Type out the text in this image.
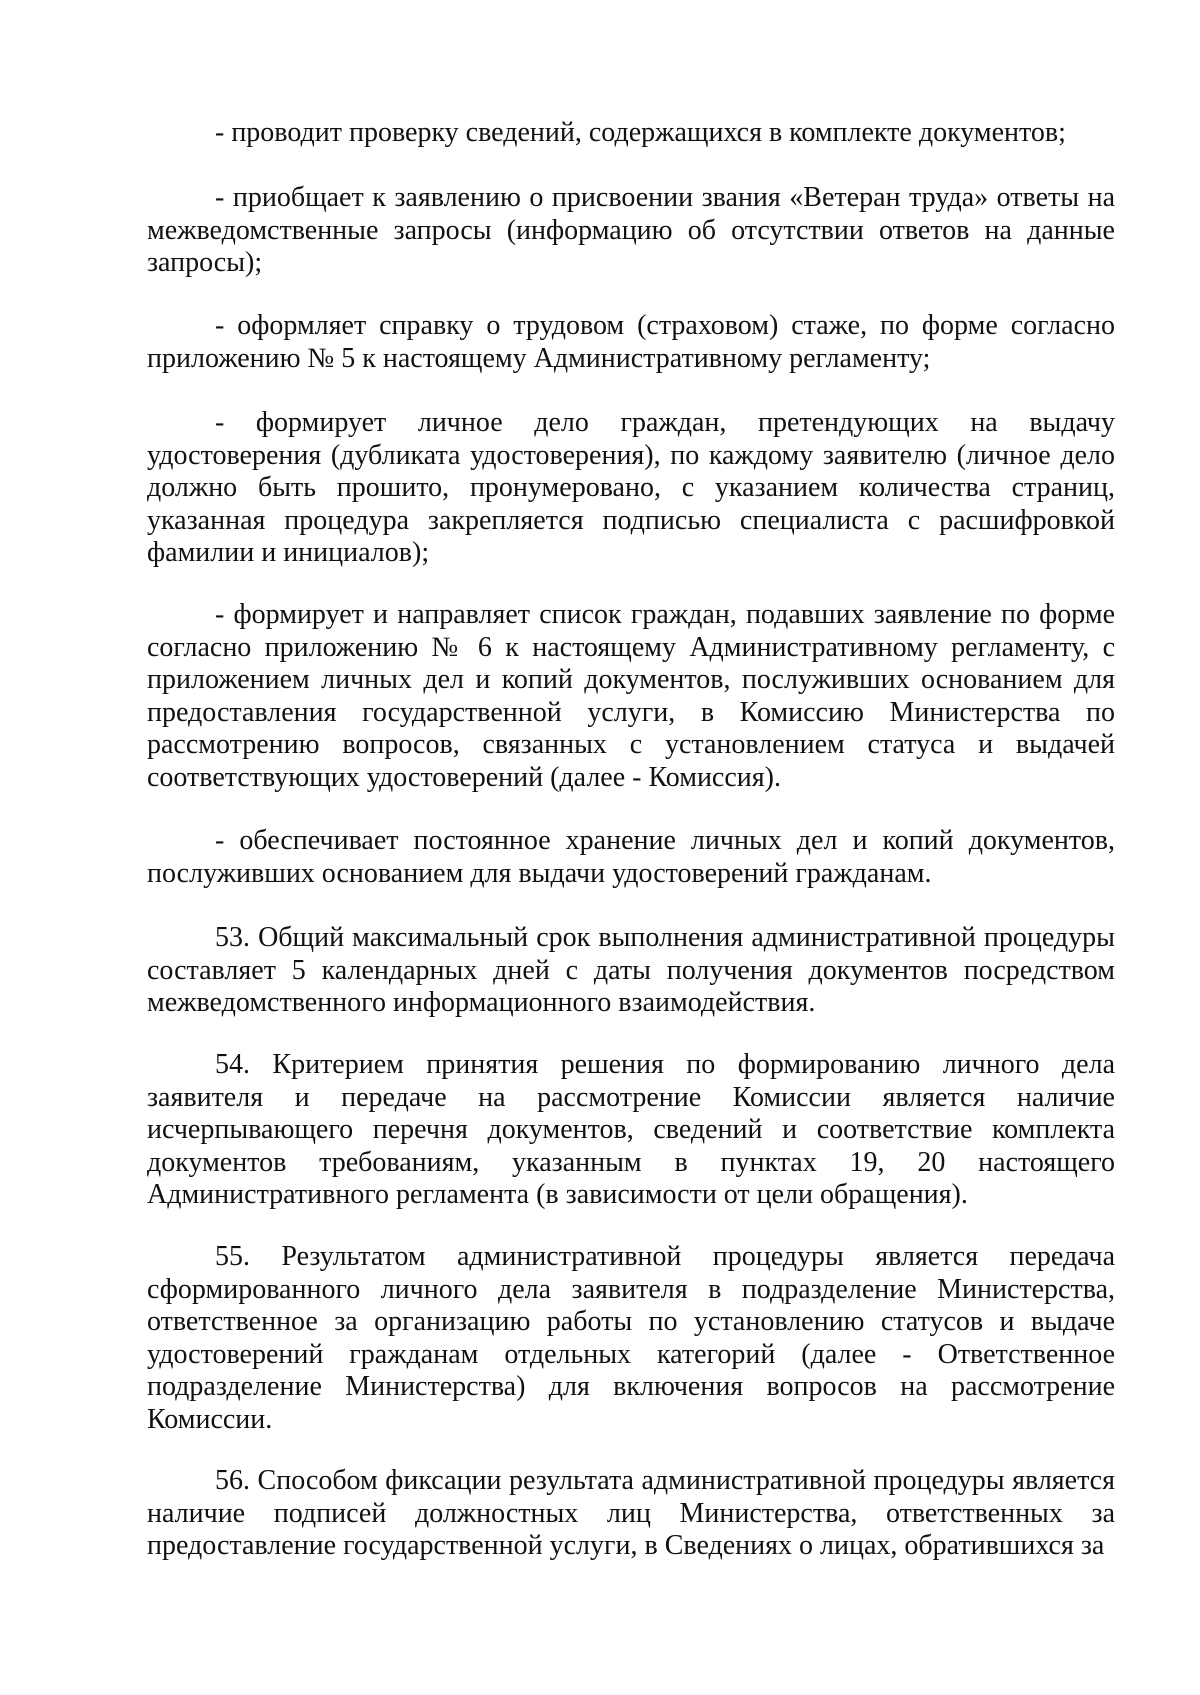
- проводит проверку сведений, содержащихся в комплекте документов;

- приобщает к заявлению о присвоении звания «Ветеран труда» ответы на межведомственные запросы (информацию об отсутствии ответов на данные запросы);

- оформляет справку о трудовом (страховом) стаже, по форме согласно приложению № 5 к настоящему Административному регламенту;

- формирует личное дело граждан, претендующих на выдачу удостоверения (дубликата удостоверения), по каждому заявителю (личное дело должно быть прошито, пронумеровано, с указанием количества страниц, указанная процедура закрепляется подписью специалиста с расшифровкой фамилии и инициалов);

- формирует и направляет список граждан, подавших заявление по форме согласно приложению № 6 к настоящему Административному регламенту, с приложением личных дел и копий документов, послуживших основанием для предоставления государственной услуги, в Комиссию Министерства по рассмотрению вопросов, связанных с установлением статуса и выдачей соответствующих удостоверений (далее - Комиссия).

- обеспечивает постоянное хранение личных дел и копий документов, послуживших основанием для выдачи удостоверений гражданам.

53. Общий максимальный срок выполнения административной процедуры составляет 5 календарных дней с даты получения документов посредством межведомственного информационного взаимодействия.

54. Критерием принятия решения по формированию личного дела заявителя и передаче на рассмотрение Комиссии является наличие исчерпывающего перечня документов, сведений и соответствие комплекта документов требованиям, указанным в пунктах 19, 20 настоящего Административного регламента (в зависимости от цели обращения).

55. Результатом административной процедуры является передача сформированного личного дела заявителя в подразделение Министерства, ответственное за организацию работы по установлению статусов и выдаче удостоверений гражданам отдельных категорий (далее - Ответственное подразделение Министерства) для включения вопросов на рассмотрение Комиссии.

56. Способом фиксации результата административной процедуры является наличие подписей должностных лиц Министерства, ответственных за предоставление государственной услуги, в Сведениях о лицах, обратившихся за
